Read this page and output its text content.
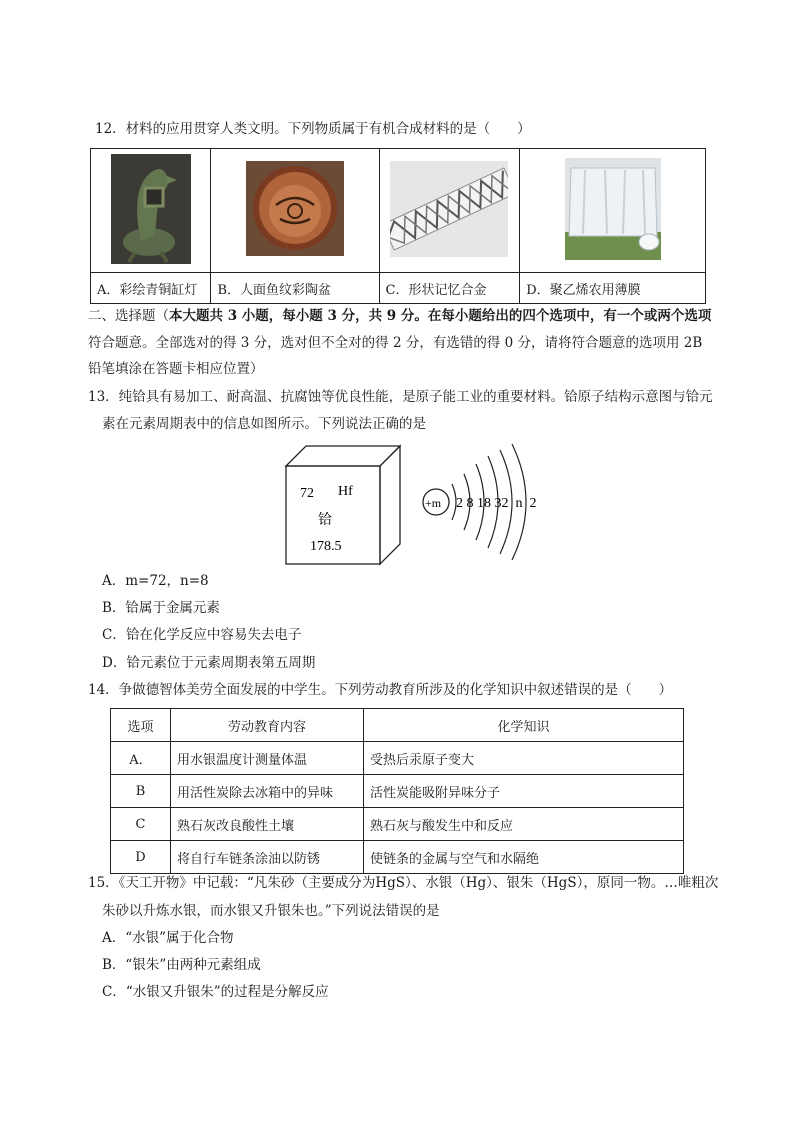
12．材料的应用贯穿人类文明。下列物质属于有机合成材料的是（　　）

A．彩绘青铜缸灯	B．人面鱼纹彩陶盆	C．形状记忆合金	D．聚乙烯农用薄膜
二、选择题（本大题共 3 小题，每小题 3 分，共 9 分。在每小题给出的四个选项中，有一个或两个选项
符合题意。全部选对的得 3 分，选对但不全对的得 2 分，有选错的得 0 分，请将符合题意的选项用 2B
铅笔填涂在答题卡相应位置）
13．纯铪具有易加工、耐高温、抗腐蚀等优良性能，是原子能工业的重要材料。铪原子结构示意图与铪元
素在元素周期表中的信息如图所示。下列说法正确的是
72 Hf
铪
178.5
+m 2 8 18 32  n  2
A．m=72，n=8
B．铪属于金属元素
C．铪在化学反应中容易失去电子
D．铪元素位于元素周期表第五周期
14．争做德智体美劳全面发展的中学生。下列劳动教育所涉及的化学知识中叙述错误的是（　　）
选项	劳动教育内容	化学知识
A．	用水银温度计测量体温	受热后汞原子变大
B	用活性炭除去冰箱中的异味	活性炭能吸附异味分子
C	熟石灰改良酸性土壤	熟石灰与酸发生中和反应
D	将自行车链条涂油以防锈	使链条的金属与空气和水隔绝
15．《天工开物》中记载：“凡朱砂（主要成分为HgS）、水银（Hg）、银朱（HgS），原同一物。…唯粗次
朱砂以升炼水银，而水银又升银朱也。”下列说法错误的是
A．“水银”属于化合物
B．“银朱”由两种元素组成
C．“水银又升银朱”的过程是分解反应
